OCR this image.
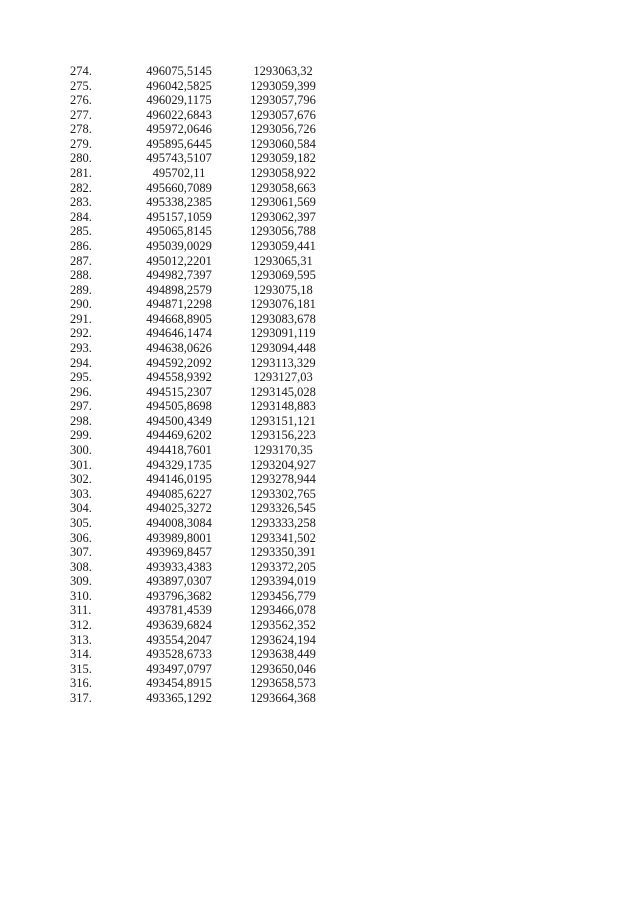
274.	496075,5145	1293063,32
275.	496042,5825	1293059,399
276.	496029,1175	1293057,796
277.	496022,6843	1293057,676
278.	495972,0646	1293056,726
279.	495895,6445	1293060,584
280.	495743,5107	1293059,182
281.	495702,11	1293058,922
282.	495660,7089	1293058,663
283.	495338,2385	1293061,569
284.	495157,1059	1293062,397
285.	495065,8145	1293056,788
286.	495039,0029	1293059,441
287.	495012,2201	1293065,31
288.	494982,7397	1293069,595
289.	494898,2579	1293075,18
290.	494871,2298	1293076,181
291.	494668,8905	1293083,678
292.	494646,1474	1293091,119
293.	494638,0626	1293094,448
294.	494592,2092	1293113,329
295.	494558,9392	1293127,03
296.	494515,2307	1293145,028
297.	494505,8698	1293148,883
298.	494500,4349	1293151,121
299.	494469,6202	1293156,223
300.	494418,7601	1293170,35
301.	494329,1735	1293204,927
302.	494146,0195	1293278,944
303.	494085,6227	1293302,765
304.	494025,3272	1293326,545
305.	494008,3084	1293333,258
306.	493989,8001	1293341,502
307.	493969,8457	1293350,391
308.	493933,4383	1293372,205
309.	493897,0307	1293394,019
310.	493796,3682	1293456,779
311.	493781,4539	1293466,078
312.	493639,6824	1293562,352
313.	493554,2047	1293624,194
314.	493528,6733	1293638,449
315.	493497,0797	1293650,046
316.	493454,8915	1293658,573
317.	493365,1292	1293664,368
